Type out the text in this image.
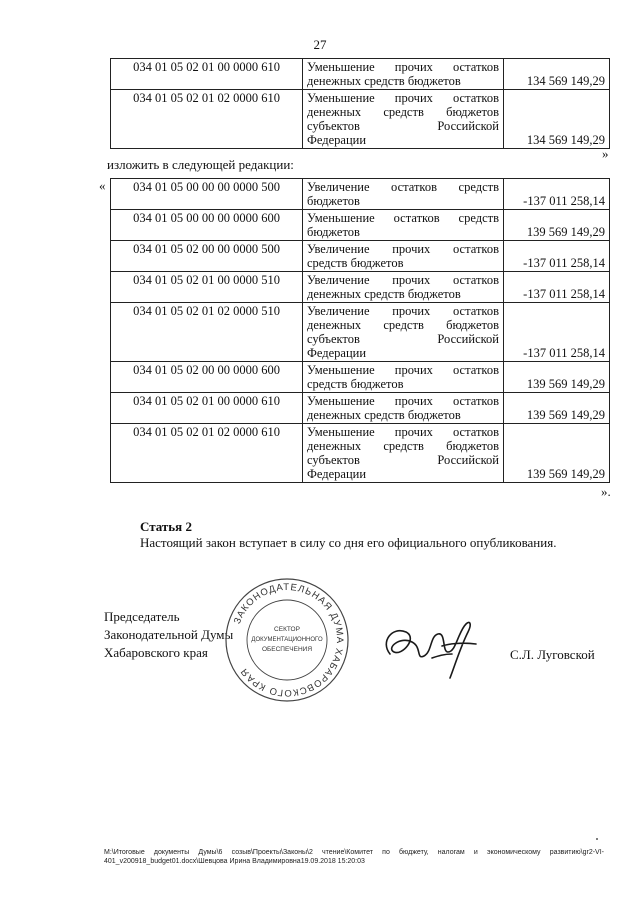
27
034 01 05 02 01 00 0000 610	Уменьшение прочих остатков
денежных средств бюджетов	134 569 149,29
034 01 05 02 01 02 0000 610	Уменьшение прочих остатков
денежных средств бюджетов
субъектов Российской
Федерации	134 569 149,29
»
изложить в следующей редакции:
« 034 01 05 00 00 00 0000 500	Увеличение остатков средств
бюджетов	-137 011 258,14
034 01 05 00 00 00 0000 600	Уменьшение остатков средств
бюджетов	139 569 149,29
034 01 05 02 00 00 0000 500	Увеличение прочих остатков
средств бюджетов	-137 011 258,14
034 01 05 02 01 00 0000 510	Увеличение прочих остатков
денежных средств бюджетов	-137 011 258,14
034 01 05 02 01 02 0000 510	Увеличение прочих остатков
денежных средств бюджетов
субъектов Российской
Федерации	-137 011 258,14
034 01 05 02 00 00 0000 600	Уменьшение прочих остатков
средств бюджетов	139 569 149,29
034 01 05 02 01 00 0000 610	Уменьшение прочих остатков
денежных средств бюджетов	139 569 149,29
034 01 05 02 01 02 0000 610	Уменьшение прочих остатков
денежных средств бюджетов
субъектов Российской
Федерации	139 569 149,29
».
Статья 2
Настоящий закон вступает в силу со дня его официального опубликования.
Председатель
Законодательной Думы
Хабаровского края
ЗАКОНОДАТЕЛЬНАЯ ДУМА ХАБАРОВСКОГО КРАЯ
СЕКТОР
ДОКУМЕНТАЦИОННОГО
ОБЕСПЕЧЕНИЯ	С.Л. Луговской
M:\Итоговые документы Думы\6 созыв\Проекты\Законы\2 чтение\Комитет по бюджету, налогам и экономическому развитию\gr2-VI-401_v200918_budget01.docx\Шевцова Ирина Владимировна19.09.2018 15:20:03
